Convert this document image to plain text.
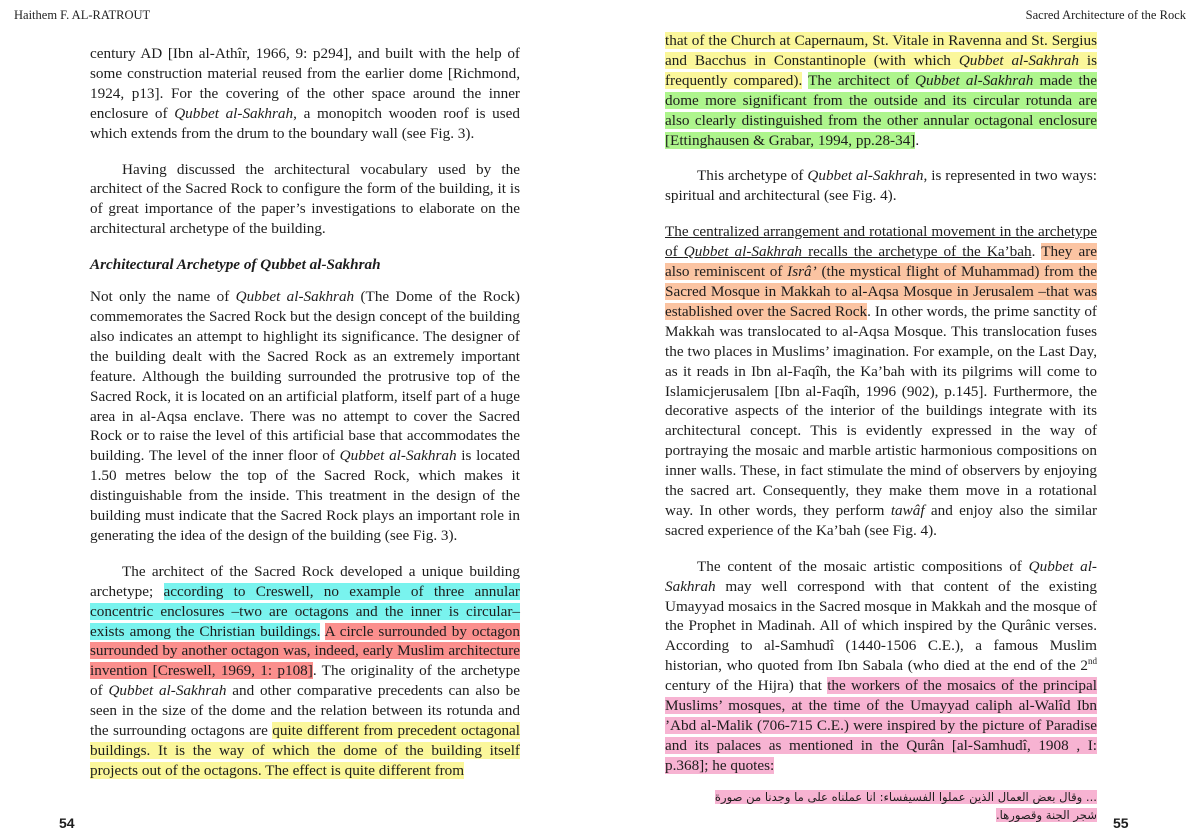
Haithem F. AL-RATROUT	Sacred Architecture of the Rock

century AD [Ibn al-Athîr, 1966, 9: p294], and built with the help of some construction material reused from the earlier dome [Richmond, 1924, p13]. For the covering of the other space around the inner enclosure of Qubbet al-Sakhrah, a monopitch wooden roof is used which extends from the drum to the boundary wall (see Fig. 3).

Having discussed the architectural vocabulary used by the architect of the Sacred Rock to configure the form of the building, it is of great importance of the paper’s investigations to elaborate on the architectural archetype of the building.

Architectural Archetype of Qubbet al-Sakhrah

Not only the name of Qubbet al-Sakhrah (The Dome of the Rock) commemorates the Sacred Rock but the design concept of the building also indicates an attempt to highlight its significance. The designer of the building dealt with the Sacred Rock as an extremely important feature. Although the building surrounded the protrusive top of the Sacred Rock, it is located on an artificial platform, itself part of a huge area in al-Aqsa enclave. There was no attempt to cover the Sacred Rock or to raise the level of this artificial base that accommodates the building. The level of the inner floor of Qubbet al-Sakhrah is located 1.50 metres below the top of the Sacred Rock, which makes it distinguishable from the inside. This treatment in the design of the building must indicate that the Sacred Rock plays an important role in generating the idea of the design of the building (see Fig. 3).

The architect of the Sacred Rock developed a unique building archetype; according to Creswell, no example of three annular concentric enclosures –two are octagons and the inner is circular–exists among the Christian buildings. A circle surrounded by octagon surrounded by another octagon was, indeed, early Muslim architecture invention [Creswell, 1969, 1: p108]. The originality of the archetype of Qubbet al-Sakhrah and other comparative precedents can also be seen in the size of the dome and the relation between its rotunda and the surrounding octagons are quite different from precedent octagonal buildings. It is the way of which the dome of the building itself projects out of the octagons. The effect is quite different from

that of the Church at Capernaum, St. Vitale in Ravenna and St. Sergius and Bacchus in Constantinople (with which Qubbet al-Sakhrah is frequently compared). The architect of Qubbet al-Sakhrah made the dome more significant from the outside and its circular rotunda are also clearly distinguished from the other annular octagonal enclosure [Ettinghausen & Grabar, 1994, pp.28-34].

This archetype of Qubbet al-Sakhrah, is represented in two ways: spiritual and architectural (see Fig. 4).

The centralized arrangement and rotational movement in the archetype of Qubbet al-Sakhrah recalls the archetype of the Ka’bah. They are also reminiscent of Isrâ’ (the mystical flight of Muhammad) from the Sacred Mosque in Makkah to al-Aqsa Mosque in Jerusalem –that was established over the Sacred Rock. In other words, the prime sanctity of Makkah was translocated to al-Aqsa Mosque. This translocation fuses the two places in Muslims’ imagination. For example, on the Last Day, as it reads in Ibn al-Faqîh, the Ka’bah with its pilgrims will come to Islamicjerusalem [Ibn al-Faqîh, 1996 (902), p.145]. Furthermore, the decorative aspects of the interior of the buildings integrate with its architectural concept. This is evidently expressed in the way of portraying the mosaic and marble artistic harmonious compositions on inner walls. These, in fact stimulate the mind of observers by enjoying the sacred art. Consequently, they make them move in a rotational way. In other words, they perform tawâf and enjoy also the similar sacred experience of the Ka’bah (see Fig. 4).

The content of the mosaic artistic compositions of Qubbet al-Sakhrah may well correspond with that content of the existing Umayyad mosaics in the Sacred mosque in Makkah and the mosque of the Prophet in Madinah. All of which inspired by the Qurânic verses. According to al-Samhudî (1440-1506 C.E.), a famous Muslim historian, who quoted from Ibn Sabala (who died at the end of the 2nd century of the Hijra) that the workers of the mosaics of the principal Muslims’ mosques, at the time of the Umayyad caliph al-Walîd Ibn ’Abd al-Malik (706-715 C.E.) were inspired by the picture of Paradise and its palaces as mentioned in the Qurân [al-Samhudî, 1908 , I: p.368]; he quotes:

... وقال بعض العمال الذين عملوا الفسيفساء: انا عملناه على ما وجدنا من صورة
شجر الجنة وقصورها.
54	55
